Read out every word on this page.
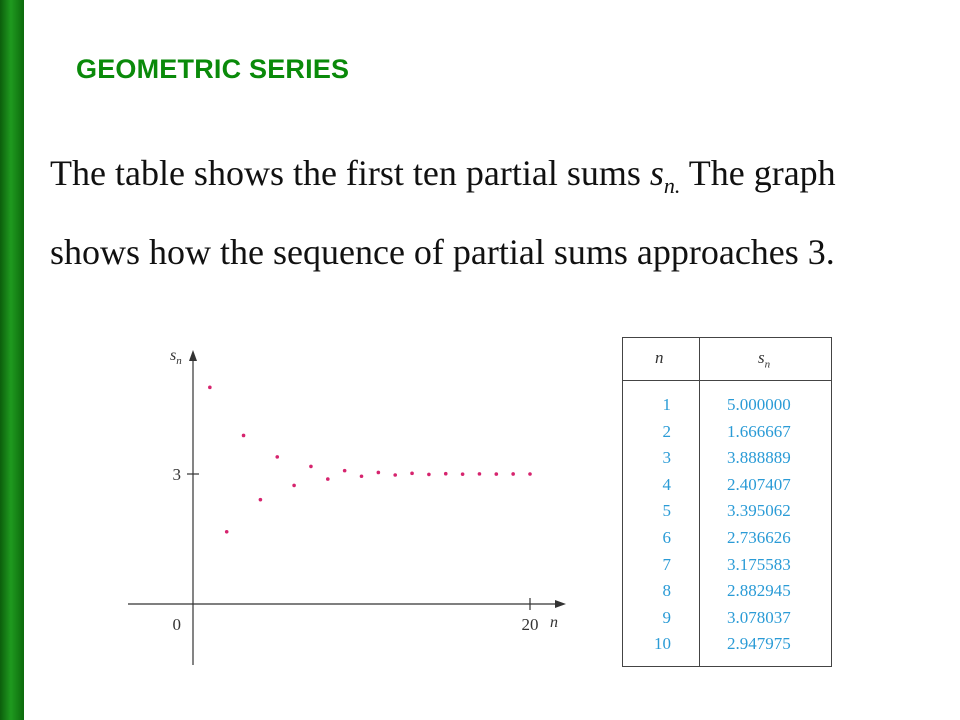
GEOMETRIC SERIES
The table shows the first ten partial sums $s_{n.}$ The graph shows how the sequence of partial sums approaches 3.
3
0	20
$s_n$
n
n	$s_n$
1
2
3
4
5
6
7
8
9
10
5.000000
1.666667
3.888889
2.407407
3.395062
2.736626
3.175583
2.882945
3.078037
2.947975
